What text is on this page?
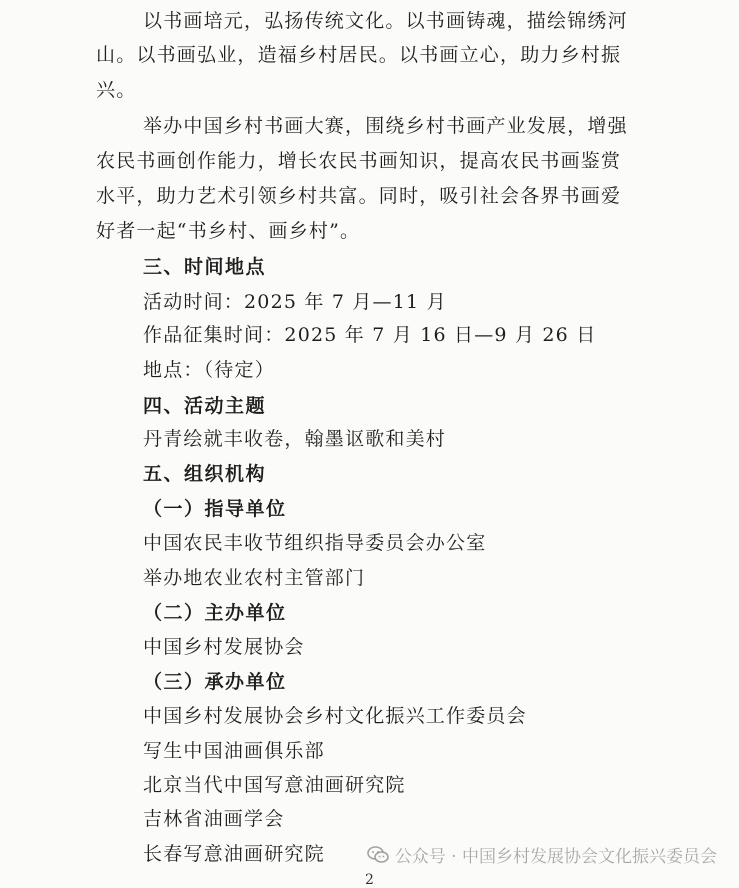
以书画培元，弘扬传统文化。以书画铸魂，描绘锦绣河
山。以书画弘业，造福乡村居民。以书画立心，助力乡村振
兴。
举办中国乡村书画大赛，围绕乡村书画产业发展，增强
农民书画创作能力，增长农民书画知识，提高农民书画鉴赏
水平，助力艺术引领乡村共富。同时，吸引社会各界书画爱
好者一起“书乡村、画乡村”。
三、时间地点
活动时间：2025 年 7 月—11 月
作品征集时间：2025 年 7 月 16 日—9 月 26 日
地点：（待定）
四、活动主题
丹青绘就丰收卷，翰墨讴歌和美村
五、组织机构
（一）指导单位
中国农民丰收节组织指导委员会办公室
举办地农业农村主管部门
（二）主办单位
中国乡村发展协会
（三）承办单位
中国乡村发展协会乡村文化振兴工作委员会
写生中国油画俱乐部
北京当代中国写意油画研究院
吉林省油画学会
长春写意油画研究院	公众号 · 中国乡村发展协会文化振兴委员会
2
